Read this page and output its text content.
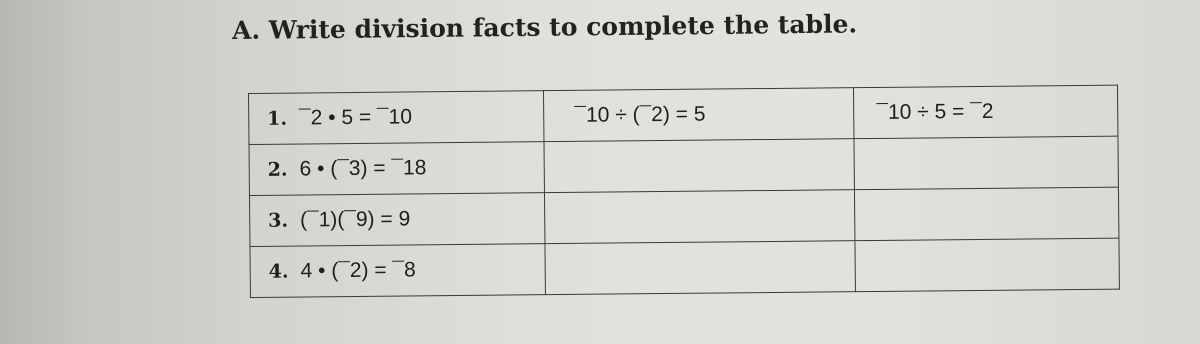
A. Write division facts to complete the table.
1. ¯2 • 5 = ¯10	¯10 ÷ (¯2) = 5	¯10 ÷ 5 = ¯2
2. 6 • (¯3) = ¯18		
3. (¯1)(¯9) = 9		
4. 4 • (¯2) = ¯8		
